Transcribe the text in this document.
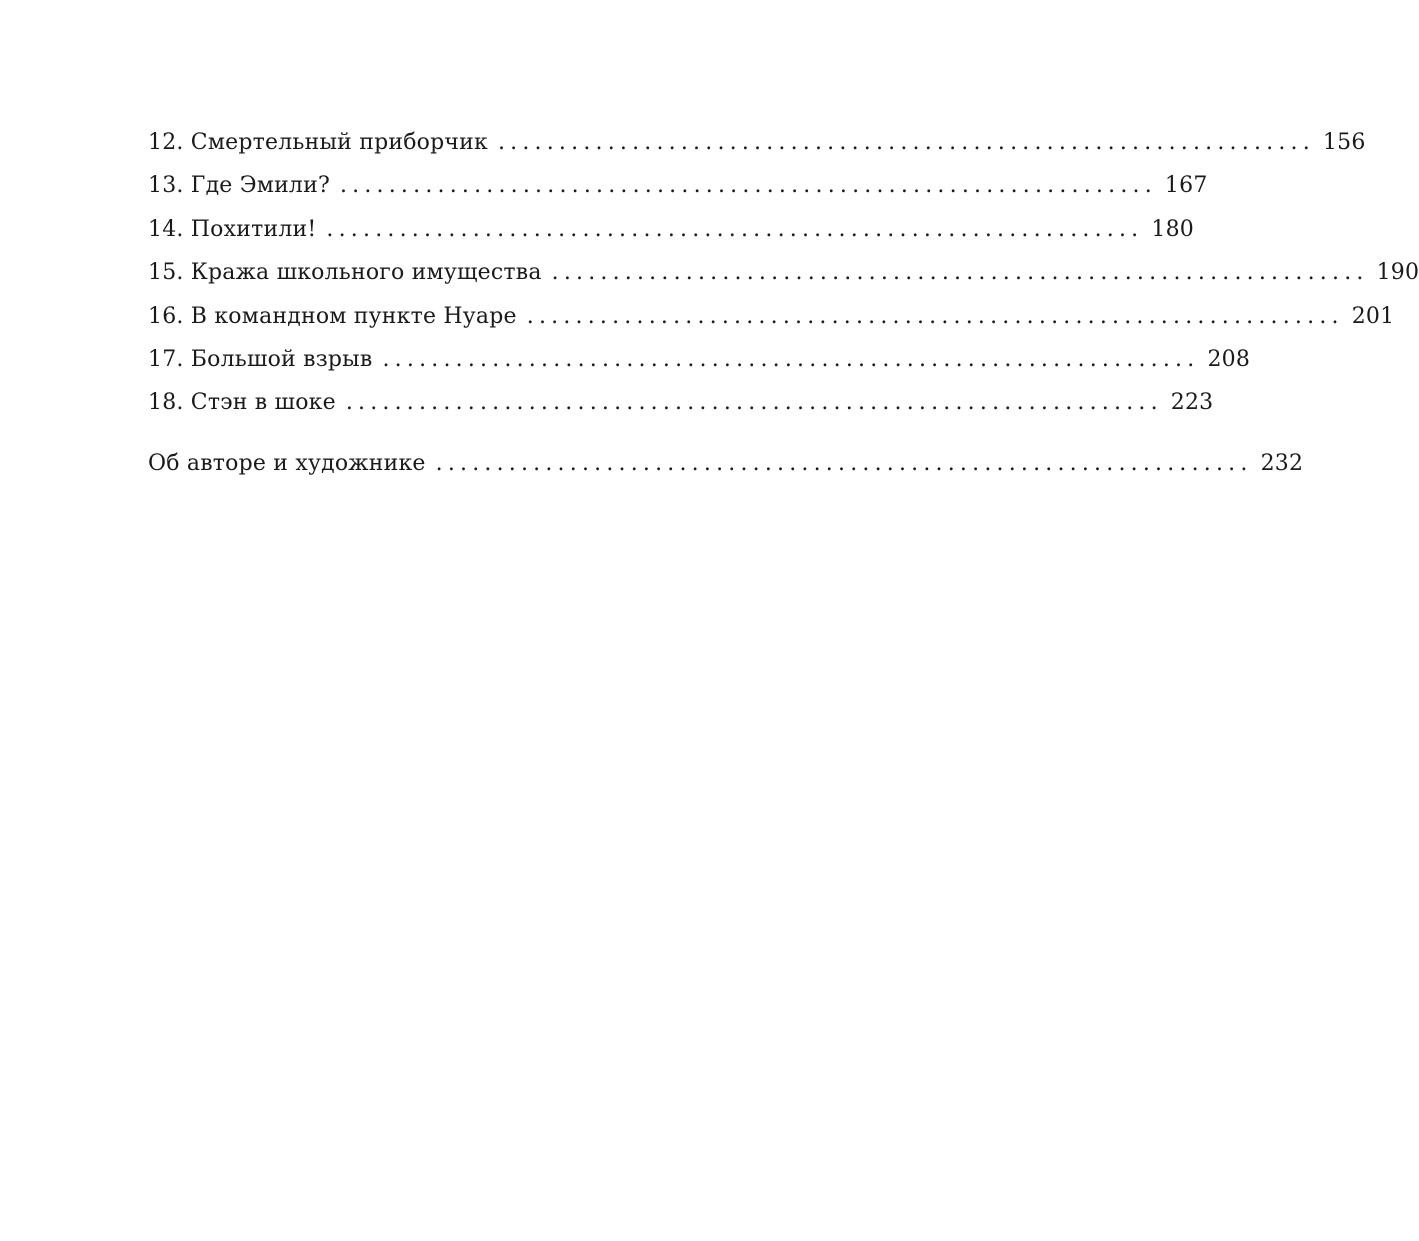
12. Смертельный приборчик ................................................................... 156
13. Где Эмили? ................................................................... 167
14. Похитили! ................................................................... 180
15. Кража школьного имущества ................................................................... 190
16. В командном пункте Нуаре ................................................................... 201
17. Большой взрыв ................................................................... 208
18. Стэн в шоке ................................................................... 223
Об авторе и художнике ................................................................... 232
